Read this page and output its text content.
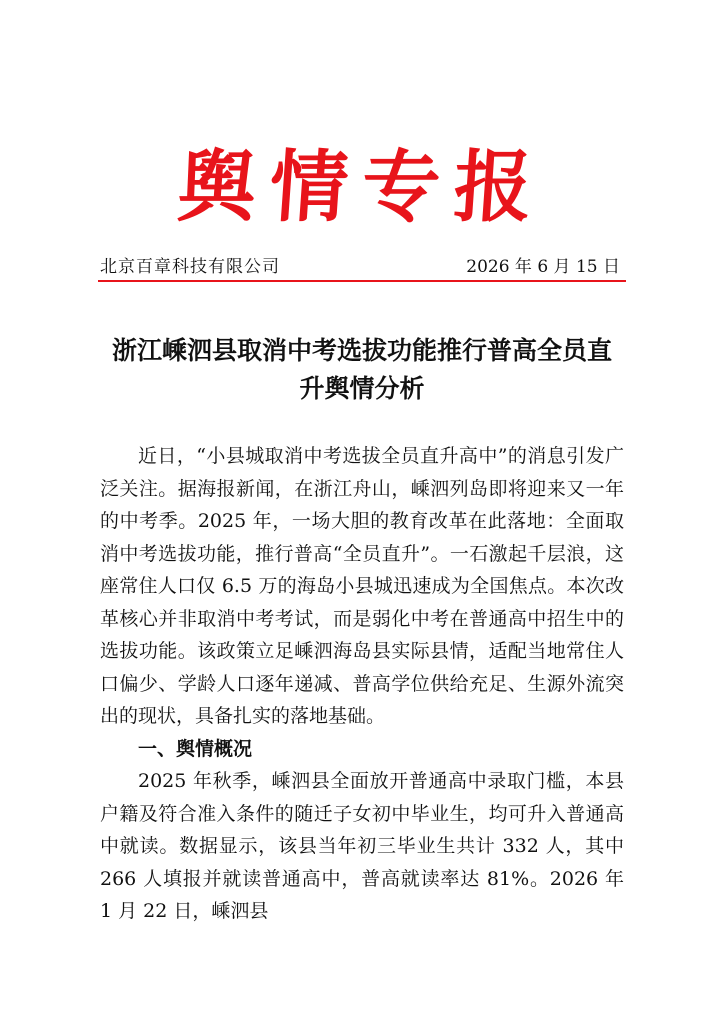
舆情专报
北京百章科技有限公司	2026 年 6 月 15 日
浙江嵊泗县取消中考选拔功能推行普高全员直升舆情分析

近日，“小县城取消中考选拔全员直升高中”的消息引发广泛关注。据海报新闻，在浙江舟山，嵊泗列岛即将迎来又一年的中考季。2025 年，一场大胆的教育改革在此落地：全面取消中考选拔功能，推行普高“全员直升”。一石激起千层浪，这座常住人口仅 6.5 万的海岛小县城迅速成为全国焦点。本次改革核心并非取消中考考试，而是弱化中考在普通高中招生中的选拔功能。该政策立足嵊泗海岛县实际县情，适配当地常住人口偏少、学龄人口逐年递减、普高学位供给充足、生源外流突出的现状，具备扎实的落地基础。

一、舆情概况

2025 年秋季，嵊泗县全面放开普通高中录取门槛，本县户籍及符合准入条件的随迁子女初中毕业生，均可升入普通高中就读。数据显示，该县当年初三毕业生共计 332 人，其中 266 人填报并就读普通高中，普高就读率达 81%。2026 年 1 月 22 日，嵊泗县
